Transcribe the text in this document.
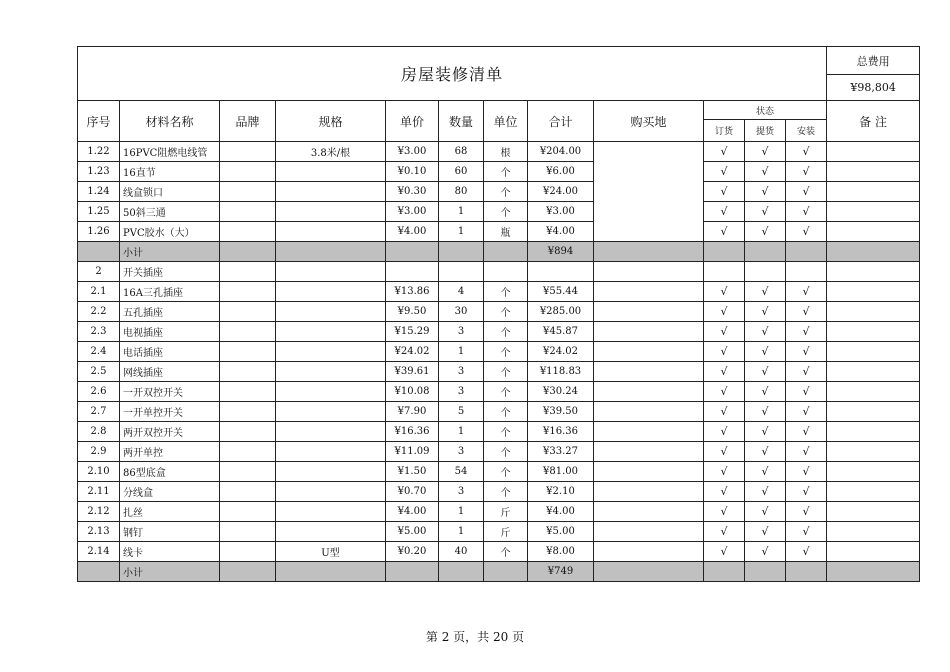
房屋装修清单												总费用
												¥98,804
序号	材料名称	品牌	规格	单价	数量	单位	合计	购买地	状态			备 注
									订货	提货	安装	
1.22	16PVC阻燃电线管		3.8米/根	¥3.00	68	根	¥204.00		√	√	√	
1.23	16直节			¥0.10	60	个	¥6.00		√	√	√	
1.24	线盒锁口			¥0.30	80	个	¥24.00		√	√	√	
1.25	50斜三通			¥3.00	1	个	¥3.00		√	√	√	
1.26	PVC胶水（大）			¥4.00	1	瓶	¥4.00		√	√	√	
	小计						¥894					
2	开关插座											
2.1	16A三孔插座			¥13.86	4	个	¥55.44		√	√	√	
2.2	五孔插座			¥9.50	30	个	¥285.00		√	√	√	
2.3	电视插座			¥15.29	3	个	¥45.87		√	√	√	
2.4	电话插座			¥24.02	1	个	¥24.02		√	√	√	
2.5	网线插座			¥39.61	3	个	¥118.83		√	√	√	
2.6	一开双控开关			¥10.08	3	个	¥30.24		√	√	√	
2.7	一开单控开关			¥7.90	5	个	¥39.50		√	√	√	
2.8	两开双控开关			¥16.36	1	个	¥16.36		√	√	√	
2.9	两开单控			¥11.09	3	个	¥33.27		√	√	√	
2.10	86型底盒			¥1.50	54	个	¥81.00		√	√	√	
2.11	分线盒			¥0.70	3	个	¥2.10		√	√	√	
2.12	扎丝			¥4.00	1	斤	¥4.00		√	√	√	
2.13	钢钉			¥5.00	1	斤	¥5.00		√	√	√	
2.14	线卡		U型	¥0.20	40	个	¥8.00		√	√	√	
	小计						¥749					
第 2 页，共 20 页
